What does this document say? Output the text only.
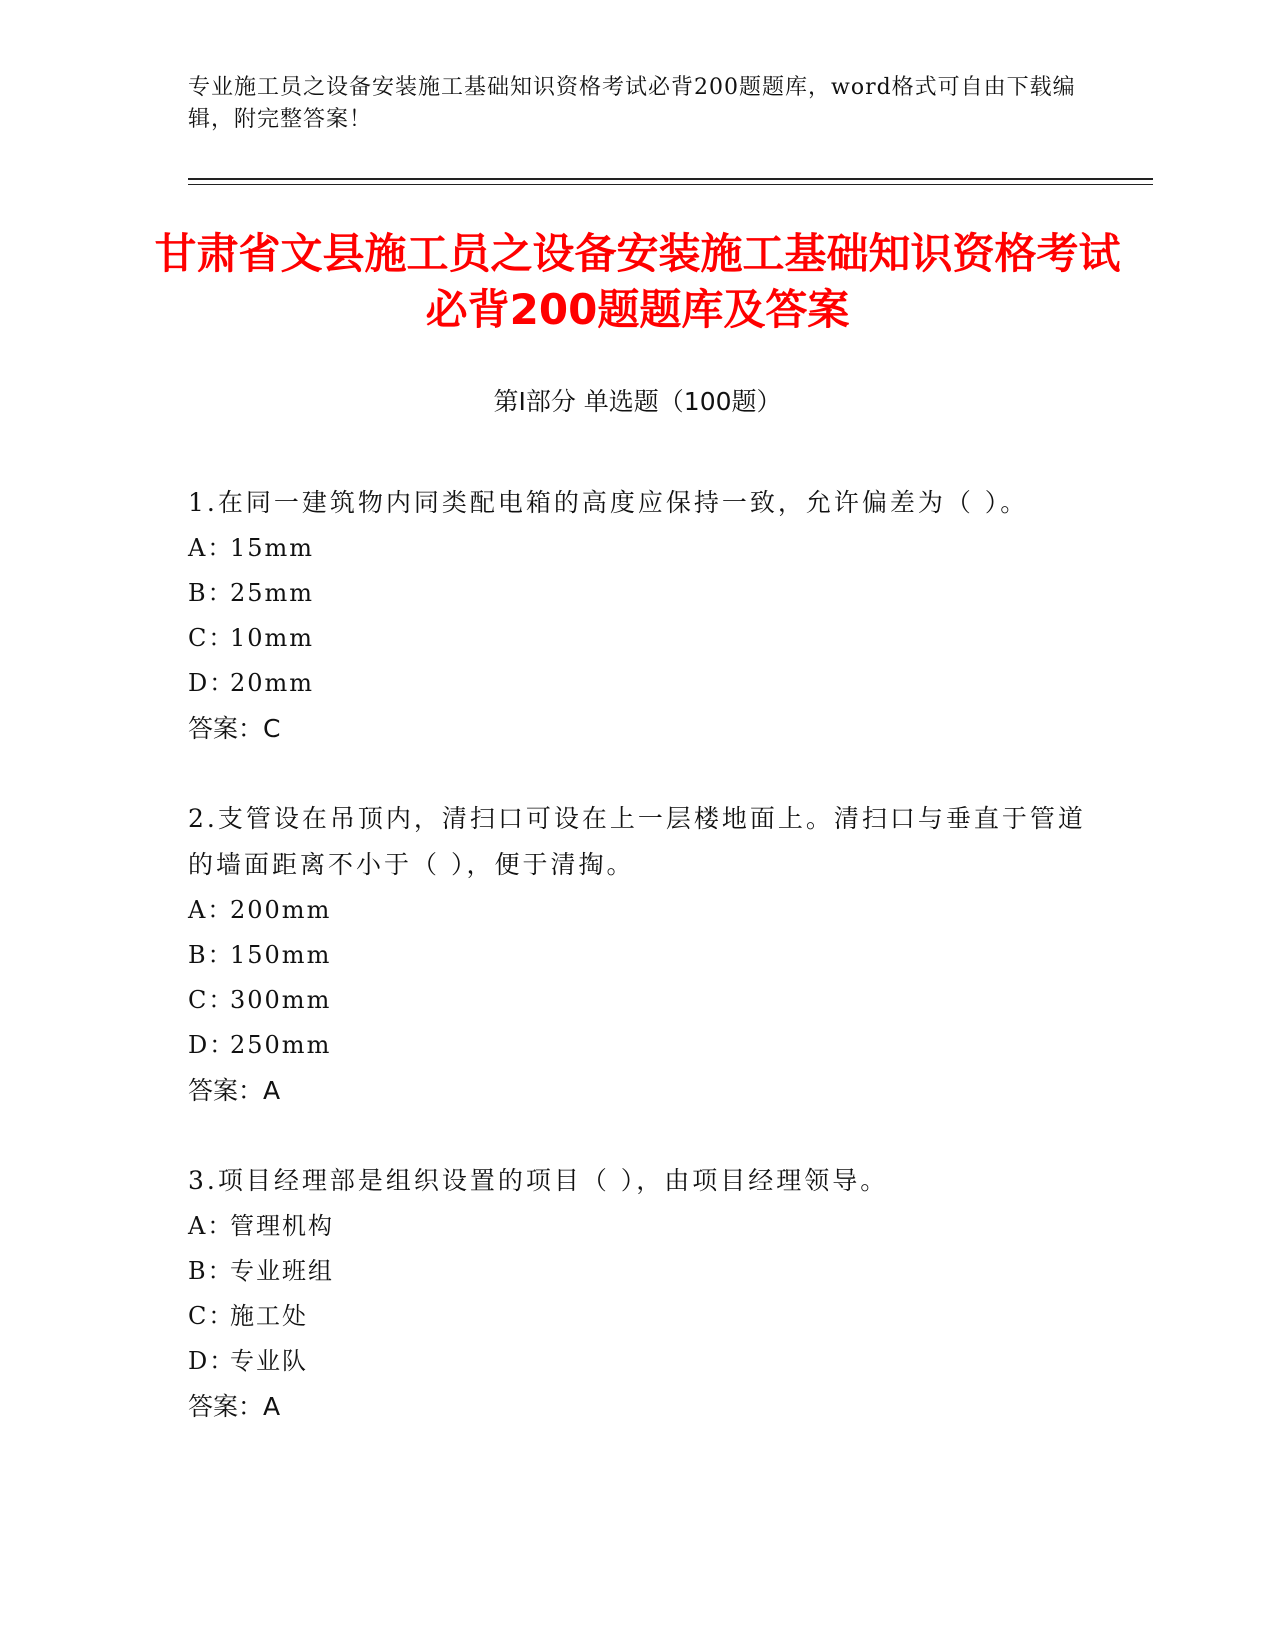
专业施工员之设备安装施工基础知识资格考试必背200题题库，word格式可自由下载编辑，附完整答案！
甘肃省文县施工员之设备安装施工基础知识资格考试必背200题题库及答案
第I部分 单选题（100题）
1.在同一建筑物内同类配电箱的高度应保持一致，允许偏差为（ ）。
A：15mm
B：25mm
C：10mm
D：20mm
答案：C
2.支管设在吊顶内，清扫口可设在上一层楼地面上。清扫口与垂直于管道的墙面距离不小于（ ），便于清掏。
A：200mm
B：150mm
C：300mm
D：250mm
答案：A
3.项目经理部是组织设置的项目（ ），由项目经理领导。
A：管理机构
B：专业班组
C：施工处
D：专业队
答案：A
